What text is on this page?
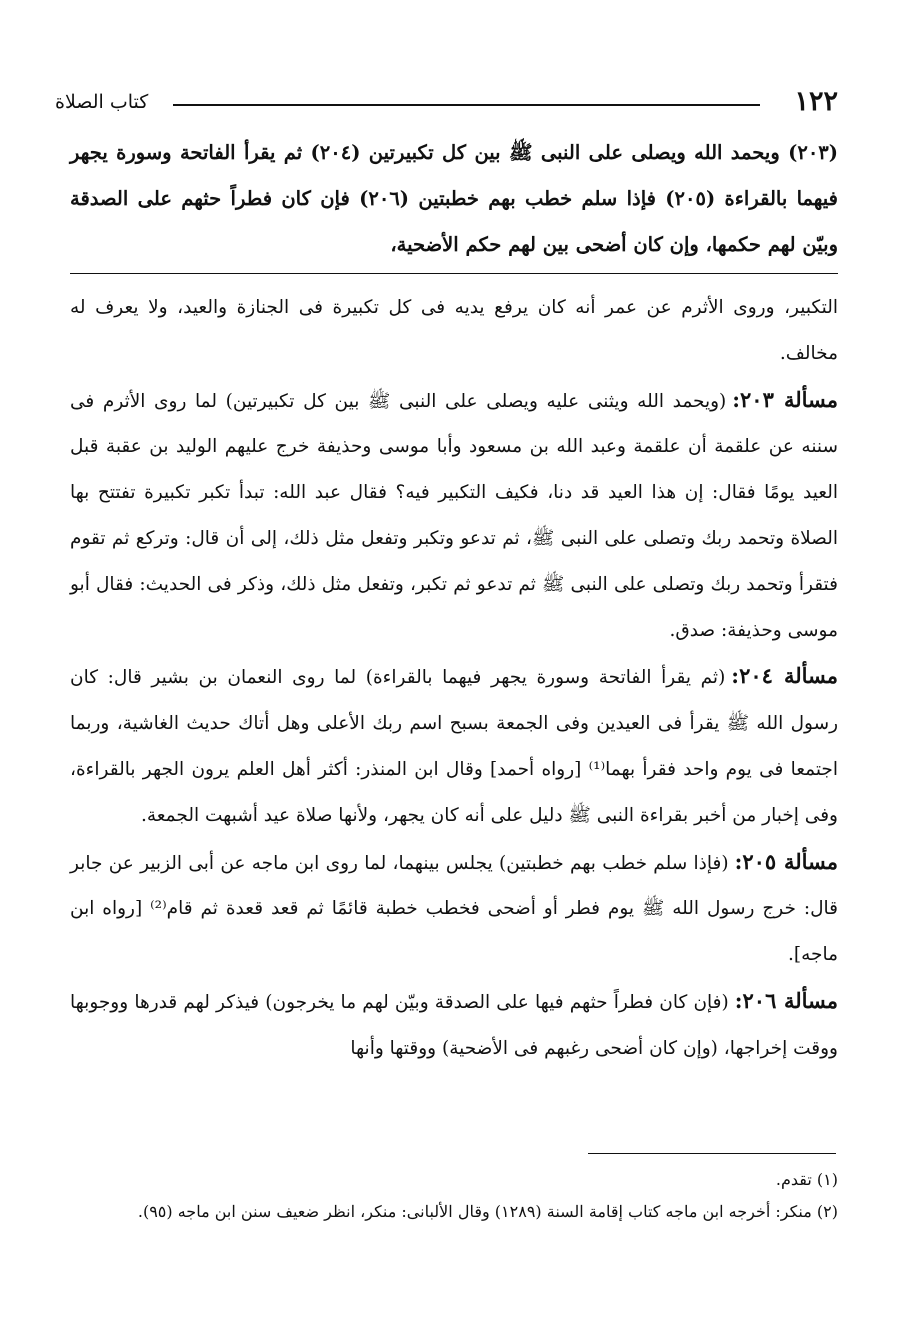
١٢٢
كتاب الصلاة
(٢٠٣) ويحمد الله ويصلى على النبى ﷺ بين كل تكبيرتين (٢٠٤) ثم يقرأ الفاتحة وسورة يجهر فيهما بالقراءة (٢٠٥) فإذا سلم خطب بهم خطبتين (٢٠٦) فإن كان فطراً حثهم على الصدقة وبيّن لهم حكمها، وإن كان أضحى بين لهم حكم الأضحية،

التكبير، وروى الأثرم عن عمر أنه كان يرفع يديه فى كل تكبيرة فى الجنازة والعيد، ولا يعرف له مخالف.

مسألة ٢٠٣:(ويحمد الله ويثنى عليه ويصلى على النبى ﷺ بين كل تكبيرتين) لما روى الأثرم فى سننه عن علقمة أن علقمة وعبد الله بن مسعود وأبا موسى وحذيفة خرج عليهم الوليد بن عقبة قبل العيد يومًا فقال: إن هذا العيد قد دنا، فكيف التكبير فيه؟ فقال عبد الله: تبدأ تكبر تكبيرة تفتتح بها الصلاة وتحمد ربك وتصلى على النبى ﷺ، ثم تدعو وتكبر وتفعل مثل ذلك، إلى أن قال: وتركع ثم تقوم فتقرأ وتحمد ربك وتصلى على النبى ﷺ ثم تدعو ثم تكبر، وتفعل مثل ذلك، وذكر فى الحديث: فقال أبو موسى وحذيفة: صدق.

مسألة ٢٠٤:(ثم يقرأ الفاتحة وسورة يجهر فيهما بالقراءة) لما روى النعمان بن بشير قال: كان رسول الله ﷺ يقرأ فى العيدين وفى الجمعة بسبح اسم ربك الأعلى وهل أتاك حديث الغاشية، وربما اجتمعا فى يوم واحد فقرأ بهما⁽¹⁾ [رواه أحمد] وقال ابن المنذر: أكثر أهل العلم يرون الجهر بالقراءة، وفى إخبار من أخبر بقراءة النبى ﷺ دليل على أنه كان يجهر، ولأنها صلاة عيد أشبهت الجمعة.

مسألة ٢٠٥:(فإذا سلم خطب بهم خطبتين) يجلس بينهما، لما روى ابن ماجه عن أبى الزبير عن جابر قال: خرج رسول الله ﷺ يوم فطر أو أضحى فخطب خطبة قائمًا ثم قعد قعدة ثم قام⁽²⁾ [رواه ابن ماجه].

مسألة ٢٠٦:(فإن كان فطراً حثهم فيها على الصدقة وبيّن لهم ما يخرجون) فيذكر لهم قدرها ووجوبها ووقت إخراجها، (وإن كان أضحى رغبهم فى الأضحية) ووقتها وأنها

(١) تقدم.

(٢) منكر: أخرجه ابن ماجه كتاب إقامة السنة (١٢٨٩) وقال الألبانى: منكر، انظر ضعيف سنن ابن ماجه (٩٥).
